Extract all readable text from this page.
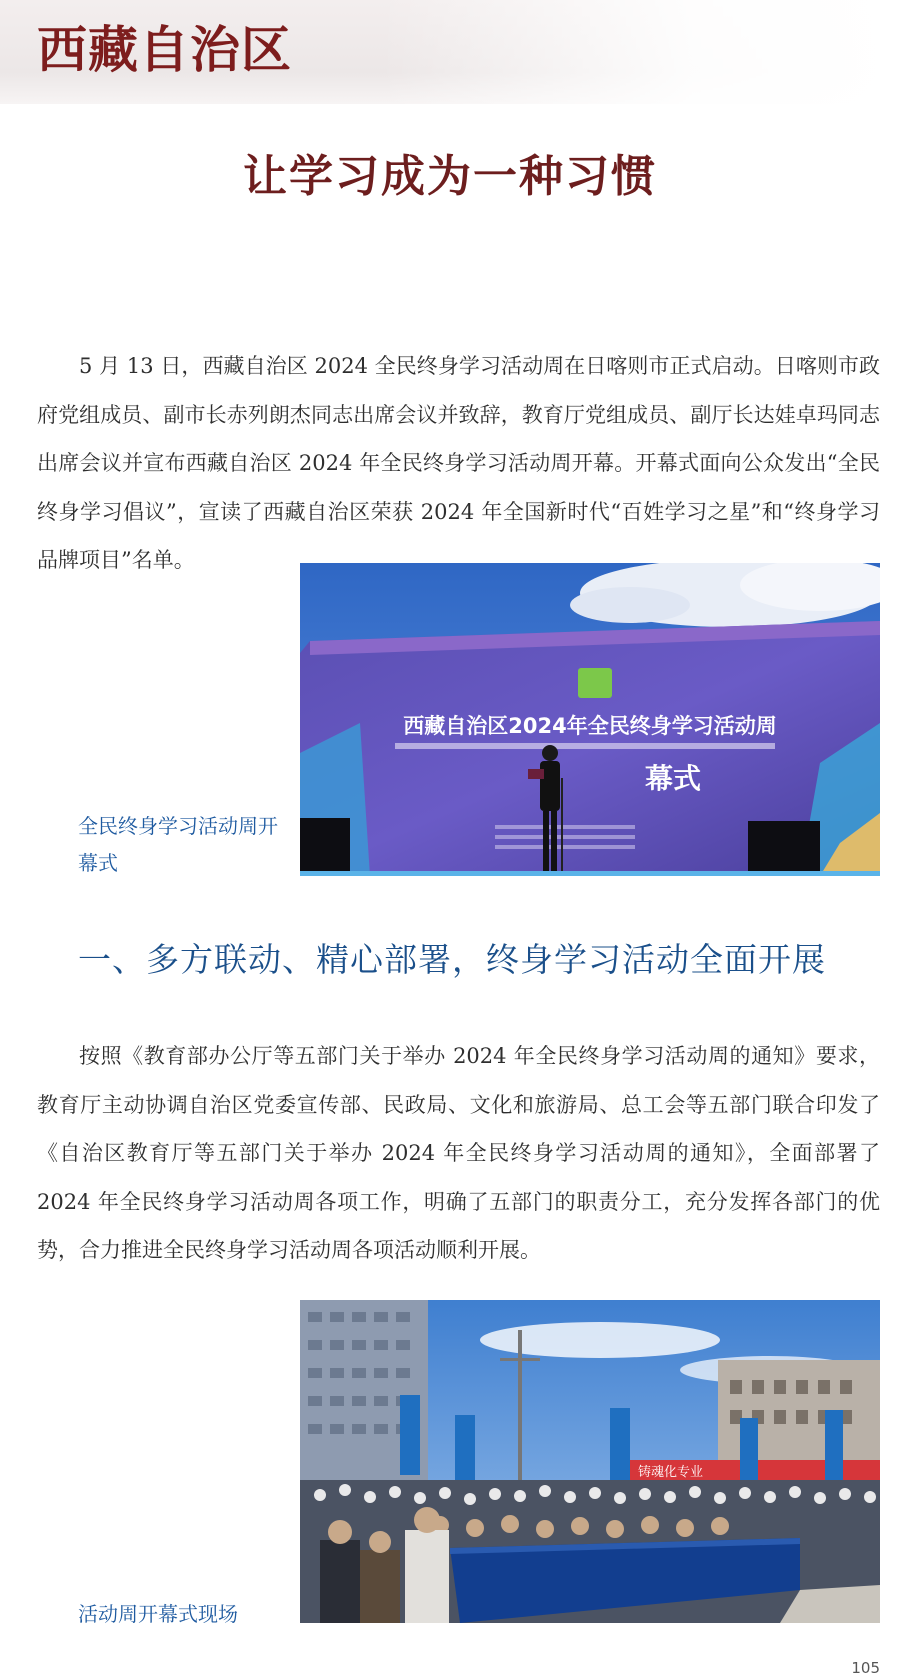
西藏自治区
让学习成为一种习惯

5 月 13 日，西藏自治区 2024 全民终身学习活动周在日喀则市正式启动。日喀则市政府党组成员、副市长赤列朗杰同志出席会议并致辞，教育厅党组成员、副厅长达娃卓玛同志出席会议并宣布西藏自治区 2024 年全民终身学习活动周开幕。开幕式面向公众发出“全民终身学习倡议”，宣读了西藏自治区荣获 2024 年全国新时代“百姓学习之星”和“终身学习品牌项目”名单。

西藏自治区2024年全民终身学习活动周
幕式

全民终身学习活动周开幕式

一、多方联动、精心部署，终身学习活动全面开展

按照《教育部办公厅等五部门关于举办 2024 年全民终身学习活动周的通知》要求，教育厅主动协调自治区党委宣传部、民政局、文化和旅游局、总工会等五部门联合印发了《自治区教育厅等五部门关于举办 2024 年全民终身学习活动周的通知》，全面部署了 2024 年全民终身学习活动周各项工作，明确了五部门的职责分工，充分发挥各部门的优势，合力推进全民终身学习活动周各项活动顺利开展。

铸魂化专业

活动周开幕式现场

105
